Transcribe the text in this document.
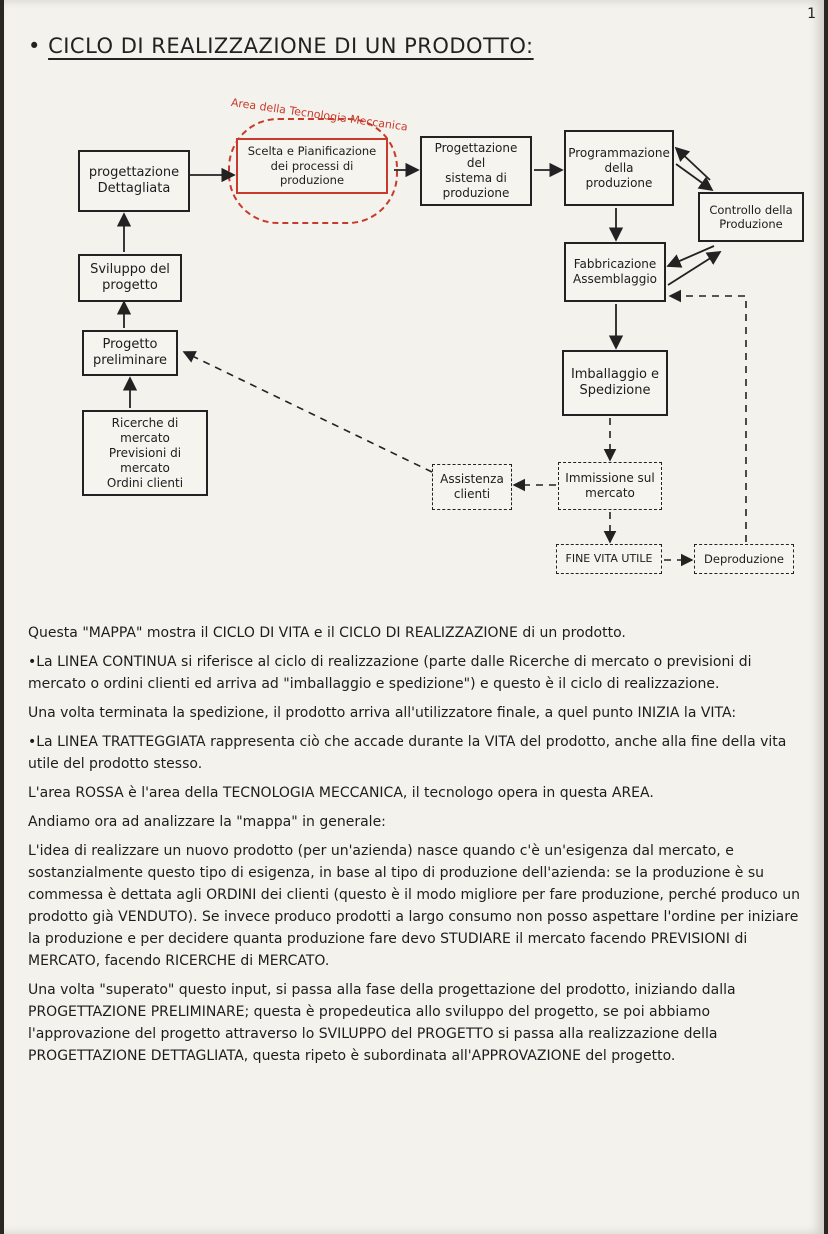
1
• CICLO DI REALIZZAZIONE DI UN PRODOTTO:
Area della Tecnologia Meccanica
progettazione
Dettagliata
Scelta e Pianificazione
dei processi di produzione
Progettazione del
sistema di
produzione
Programmazione
della
produzione
Controllo della
Produzione
Sviluppo del
progetto
Fabbricazione
Assemblaggio
Progetto
preliminare
Imballaggio e
Spedizione
Ricerche di mercato
Previsioni di mercato
Ordini clienti	Assistenza
clienti
Immissione sul
mercato
FINE VITA UTILE	Deproduzione

Questa "MAPPA" mostra il CICLO DI VITA e il CICLO DI REALIZZAZIONE di un prodotto.

•La LINEA CONTINUA si riferisce al ciclo di realizzazione (parte dalle Ricerche di mercato o previsioni di mercato o ordini clienti ed arriva ad "imballaggio e spedizione") e questo è il ciclo di realizzazione.

Una volta terminata la spedizione, il prodotto arriva all'utilizzatore finale, a quel punto INIZIA la VITA:

•La LINEA TRATTEGGIATA rappresenta ciò che accade durante la VITA del prodotto, anche alla fine della vita utile del prodotto stesso.

L'area ROSSA è l'area della TECNOLOGIA MECCANICA, il tecnologo opera in questa AREA.

Andiamo ora ad analizzare la "mappa" in generale:

L'idea di realizzare un nuovo prodotto (per un'azienda) nasce quando c'è un'esigenza dal mercato, e sostanzialmente questo tipo di esigenza, in base al tipo di produzione dell'azienda: se la produzione è su commessa è dettata agli ORDINI dei clienti (questo è il modo migliore per fare produzione, perché produco un prodotto già VENDUTO). Se invece produco prodotti a largo consumo non posso aspettare l'ordine per iniziare la produzione e per decidere quanta produzione fare devo STUDIARE il mercato facendo PREVISIONI di MERCATO, facendo RICERCHE di MERCATO.

Una volta "superato" questo input, si passa alla fase della progettazione del prodotto, iniziando dalla PROGETTAZIONE PRELIMINARE; questa è propedeutica allo sviluppo del progetto, se poi abbiamo l'approvazione del progetto attraverso lo SVILUPPO del PROGETTO si passa alla realizzazione della PROGETTAZIONE DETTAGLIATA, questa ripeto è subordinata all'APPROVAZIONE del progetto.
